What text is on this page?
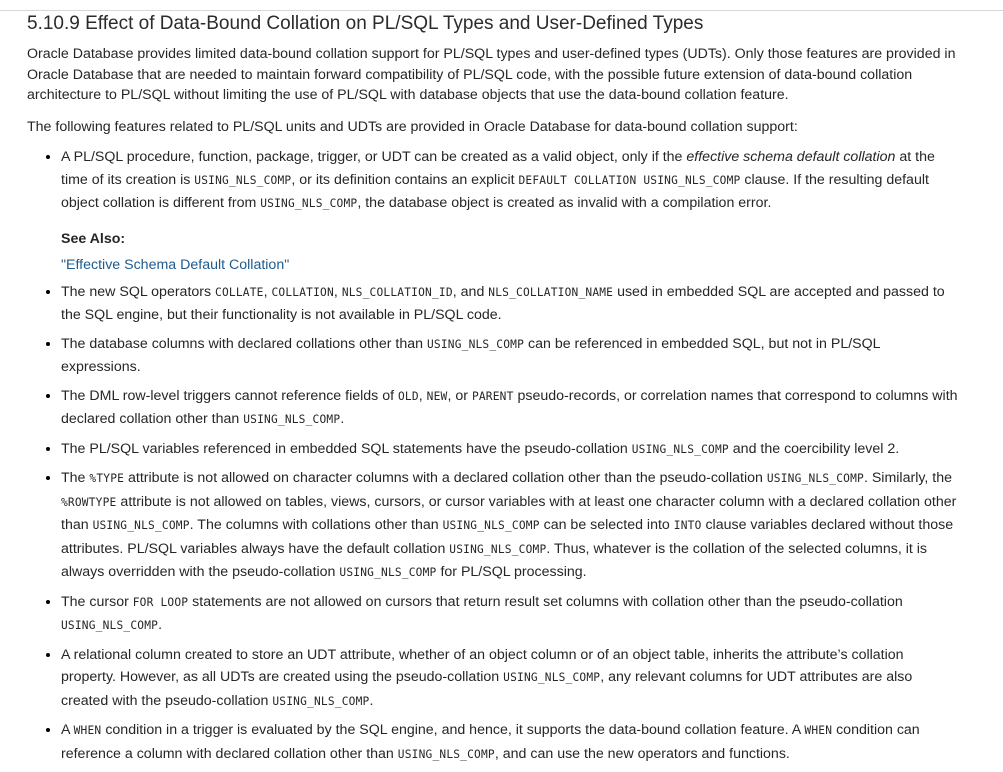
5.10.9 Effect of Data-Bound Collation on PL/SQL Types and User-Defined Types

Oracle Database provides limited data-bound collation support for PL/SQL types and user-defined types (UDTs). Only those features are provided in Oracle Database that are needed to maintain forward compatibility of PL/SQL code, with the possible future extension of data-bound collation architecture to PL/SQL without limiting the use of PL/SQL with database objects that use the data-bound collation feature.

The following features related to PL/SQL units and UDTs are provided in Oracle Database for data-bound collation support:

• A PL/SQL procedure, function, package, trigger, or UDT can be created as a valid object, only if the effective schema default collation at the time of its creation is USING_NLS_COMP, or its definition contains an explicit DEFAULT COLLATION USING_NLS_COMP clause. If the resulting default object collation is different from USING_NLS_COMP, the database object is created as invalid with a compilation error.
See Also:
"Effective Schema Default Collation"
• The new SQL operators COLLATE, COLLATION, NLS_COLLATION_ID, and NLS_COLLATION_NAME used in embedded SQL are accepted and passed to the SQL engine, but their functionality is not available in PL/SQL code.
• The database columns with declared collations other than USING_NLS_COMP can be referenced in embedded SQL, but not in PL/SQL expressions.
• The DML row-level triggers cannot reference fields of OLD, NEW, or PARENT pseudo-records, or correlation names that correspond to columns with declared collation other than USING_NLS_COMP.
• The PL/SQL variables referenced in embedded SQL statements have the pseudo-collation USING_NLS_COMP and the coercibility level 2.
• The %TYPE attribute is not allowed on character columns with a declared collation other than the pseudo-collation USING_NLS_COMP. Similarly, the %ROWTYPE attribute is not allowed on tables, views, cursors, or cursor variables with at least one character column with a declared collation other than USING_NLS_COMP. The columns with collations other than USING_NLS_COMP can be selected into INTO clause variables declared without those attributes. PL/SQL variables always have the default collation USING_NLS_COMP. Thus, whatever is the collation of the selected columns, it is always overridden with the pseudo-collation USING_NLS_COMP for PL/SQL processing.
• The cursor FOR LOOP statements are not allowed on cursors that return result set columns with collation other than the pseudo-collation USING_NLS_COMP.
• A relational column created to store an UDT attribute, whether of an object column or of an object table, inherits the attribute’s collation property. However, as all UDTs are created using the pseudo-collation USING_NLS_COMP, any relevant columns for UDT attributes are also created with the pseudo-collation USING_NLS_COMP.
• A WHEN condition in a trigger is evaluated by the SQL engine, and hence, it supports the data-bound collation feature. A WHEN condition can reference a column with declared collation other than USING_NLS_COMP, and can use the new operators and functions.
